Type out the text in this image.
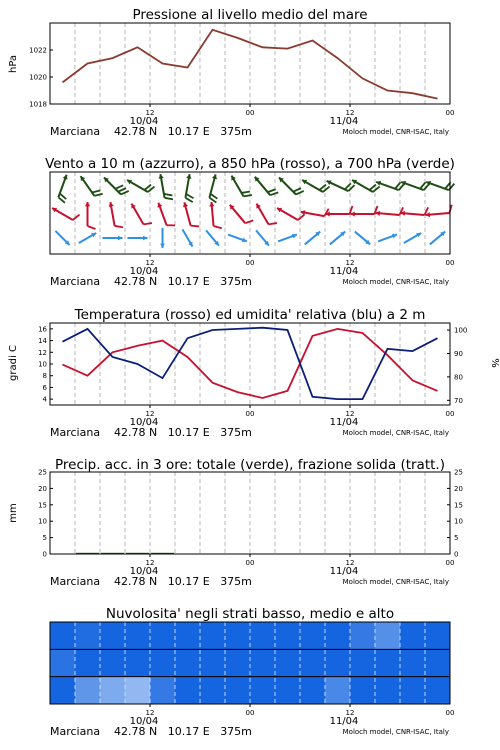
Pressione al livello medio del mare
hPa
1018
1020
1022
12	00	12	00
10/04	11/04
Marciana    42.78 N   10.17 E   375m	Moloch model, CNR-ISAC, Italy
Vento a 10 m (azzurro), a 850 hPa (rosso), a 700 hPa (verde)
12	00	12	00
10/04	11/04
Marciana    42.78 N   10.17 E   375m	Moloch model, CNR-ISAC, Italy
Temperatura (rosso) ed umidita' relativa (blu) a 2 m
gradi C	%
4
6
8
10
12
14
16
70
80
90
100
12	00	12	00
10/04	11/04
Marciana    42.78 N   10.17 E   375m	Moloch model, CNR-ISAC, Italy
Precip. acc. in 3 ore: totale (verde), frazione solida (tratt.)
mm
0
5
10
15
20
25
0
5
10
15
20
25
12	00	12	00
10/04	11/04
Marciana    42.78 N   10.17 E   375m	Moloch model, CNR-ISAC, Italy
Nuvolosita' negli strati basso, medio e alto
12	00	12	00
10/04	11/04
Marciana    42.78 N   10.17 E   375m	Moloch model, CNR-ISAC, Italy
